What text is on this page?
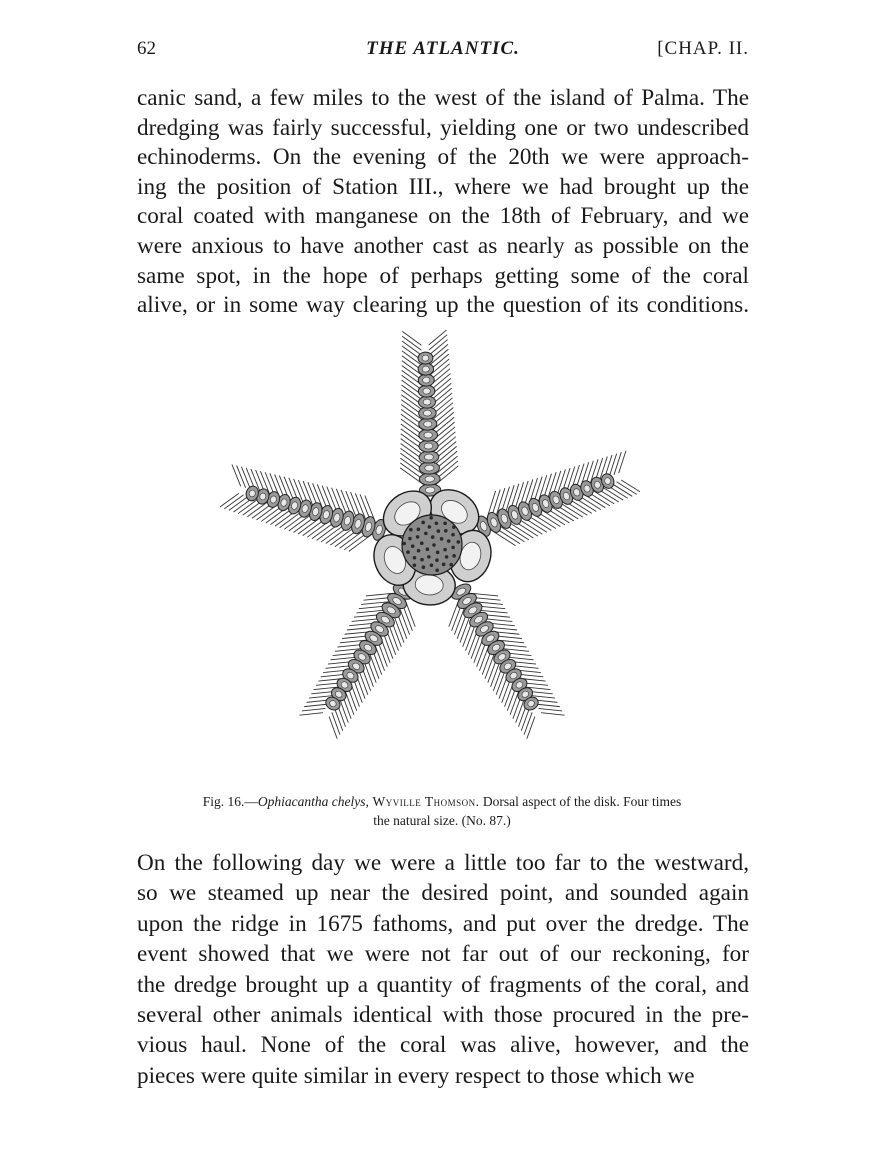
62	THE ATLANTIC.	[CHAP. II.
canic sand, a few miles to the west of the island of Palma. The
dredging was fairly successful, yielding one or two undescribed
echinoderms. On the evening of the 20th we were approach-
ing the position of Station III., where we had brought up the
coral coated with manganese on the 18th of February, and we
were anxious to have another cast as nearly as possible on the
same spot, in the hope of perhaps getting some of the coral
alive, or in some way clearing up the question of its conditions.
Fig. 16.—Ophiacantha chelys, Wyville Thomson. Dorsal aspect of the disk. Four times
the natural size. (No. 87.)
On the following day we were a little too far to the westward,
so we steamed up near the desired point, and sounded again
upon the ridge in 1675 fathoms, and put over the dredge. The
event showed that we were not far out of our reckoning, for
the dredge brought up a quantity of fragments of the coral, and
several other animals identical with those procured in the pre-
vious haul. None of the coral was alive, however, and the
pieces were quite similar in every respect to those which we
